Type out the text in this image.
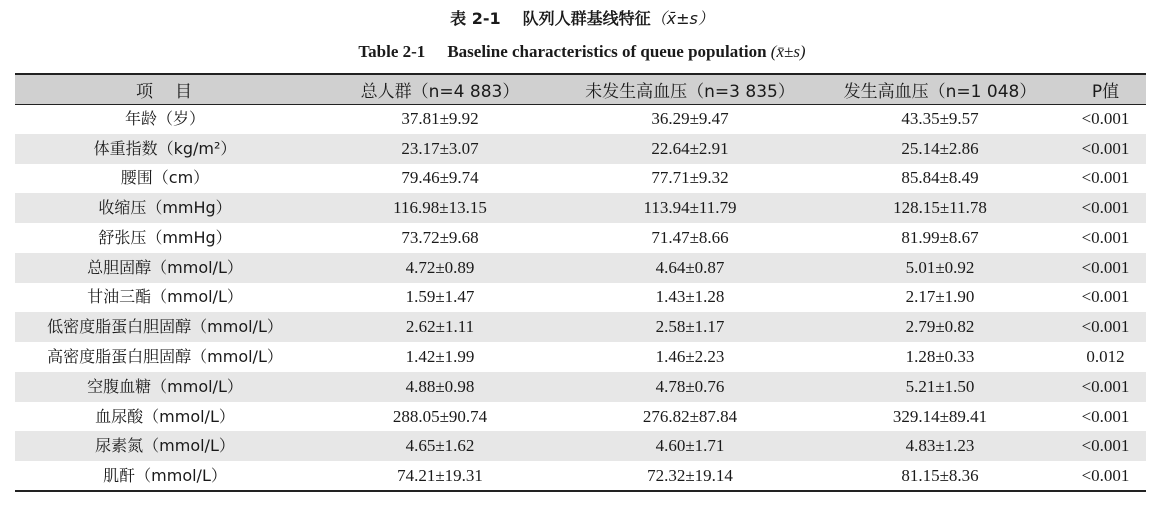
表 2-1 队列人群基线特征（x̄±s）
Table 2-1 Baseline characteristics of queue population (x̄±s)
项目	总人群（n=4 883）	未发生高血压（n=3 835）	发生高血压（n=1 048）	P值
年龄（岁）	37.81±9.92	36.29±9.47	43.35±9.57	<0.001
体重指数（kg/m²）	23.17±3.07	22.64±2.91	25.14±2.86	<0.001
腰围（cm）	79.46±9.74	77.71±9.32	85.84±8.49	<0.001
收缩压（mmHg）	116.98±13.15	113.94±11.79	128.15±11.78	<0.001
舒张压（mmHg）	73.72±9.68	71.47±8.66	81.99±8.67	<0.001
总胆固醇（mmol/L）	4.72±0.89	4.64±0.87	5.01±0.92	<0.001
甘油三酯（mmol/L）	1.59±1.47	1.43±1.28	2.17±1.90	<0.001
低密度脂蛋白胆固醇（mmol/L）	2.62±1.11	2.58±1.17	2.79±0.82	<0.001
高密度脂蛋白胆固醇（mmol/L）	1.42±1.99	1.46±2.23	1.28±0.33	0.012
空腹血糖（mmol/L）	4.88±0.98	4.78±0.76	5.21±1.50	<0.001
血尿酸（mmol/L）	288.05±90.74	276.82±87.84	329.14±89.41	<0.001
尿素氮（mmol/L）	4.65±1.62	4.60±1.71	4.83±1.23	<0.001
肌酐（mmol/L）	74.21±19.31	72.32±19.14	81.15±8.36	<0.001
